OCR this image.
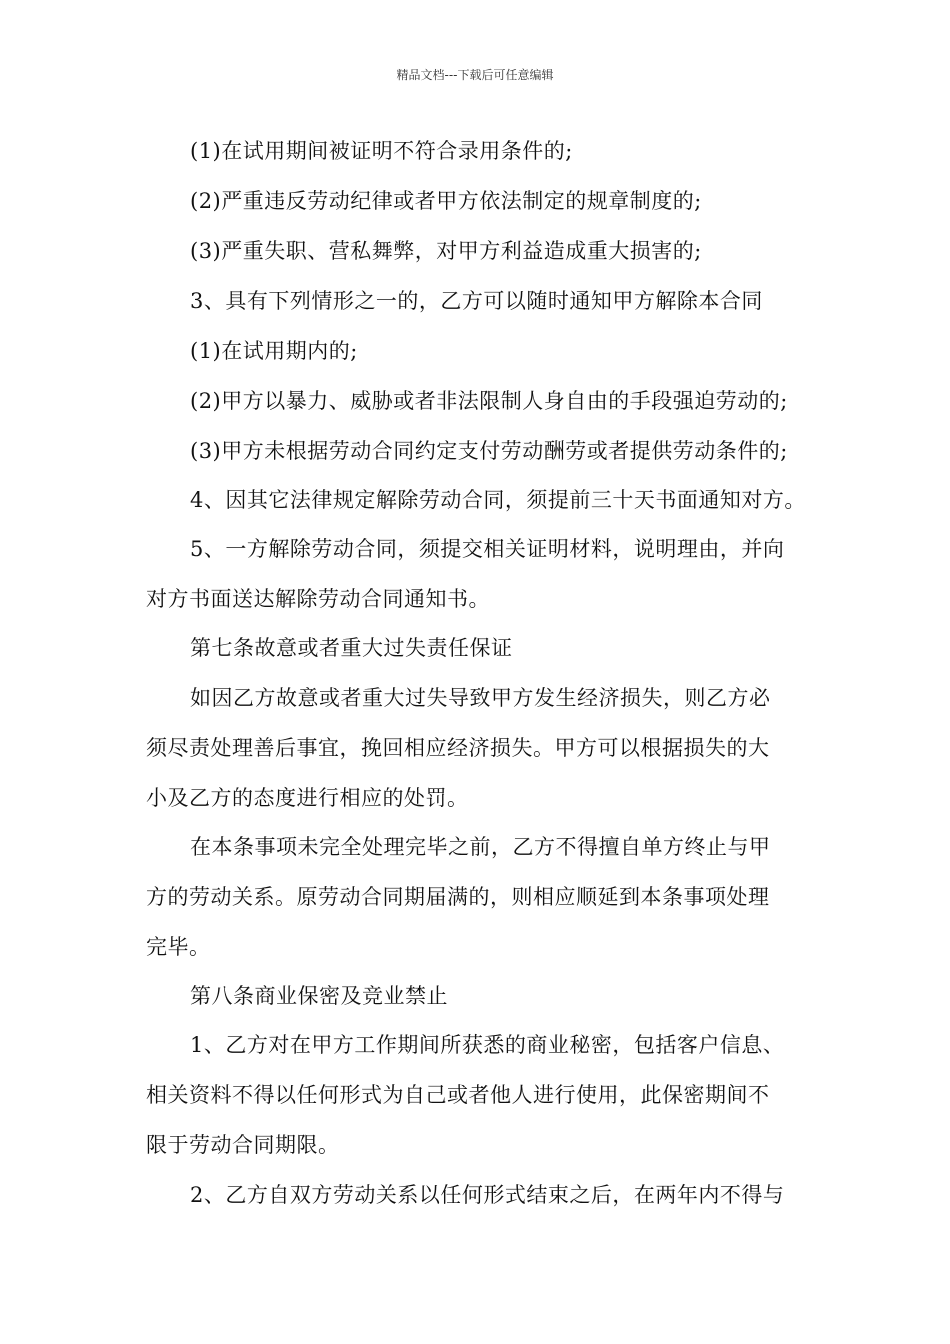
精品文档---下载后可任意编辑
(1)在试用期间被证明不符合录用条件的;
(2)严重违反劳动纪律或者甲方依法制定的规章制度的;
(3)严重失职、营私舞弊，对甲方利益造成重大损害的;
3、具有下列情形之一的，乙方可以随时通知甲方解除本合同
(1)在试用期内的;
(2)甲方以暴力、威胁或者非法限制人身自由的手段强迫劳动的;
(3)甲方未根据劳动合同约定支付劳动酬劳或者提供劳动条件的;
4、因其它法律规定解除劳动合同，须提前三十天书面通知对方。
5、一方解除劳动合同，须提交相关证明材料，说明理由，并向
对方书面送达解除劳动合同通知书。
第七条故意或者重大过失责任保证
如因乙方故意或者重大过失导致甲方发生经济损失，则乙方必
须尽责处理善后事宜，挽回相应经济损失。甲方可以根据损失的大
小及乙方的态度进行相应的处罚。
在本条事项未完全处理完毕之前，乙方不得擅自单方终止与甲
方的劳动关系。原劳动合同期届满的，则相应顺延到本条事项处理
完毕。
第八条商业保密及竞业禁止
1、乙方对在甲方工作期间所获悉的商业秘密，包括客户信息、
相关资料不得以任何形式为自己或者他人进行使用，此保密期间不
限于劳动合同期限。
2、乙方自双方劳动关系以任何形式结束之后，在两年内不得与
